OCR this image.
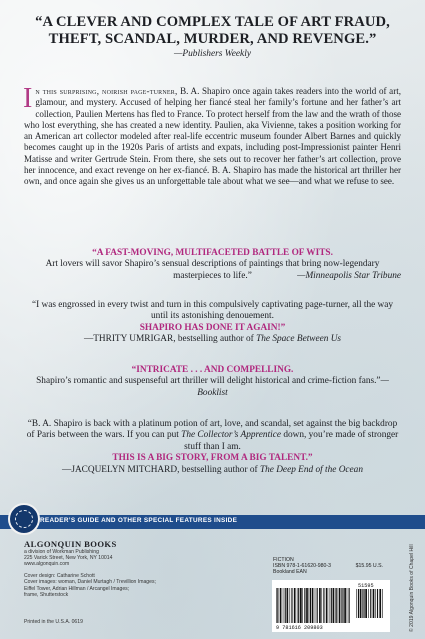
“A CLEVER AND COMPLEX TALE OF ART FRAUD, THEFT, SCANDAL, MURDER, AND REVENGE.”

—Publishers Weekly

In this surprising, noirish page-turner, B. A. Shapiro once again takes readers into the world of art, glamour, and mystery. Accused of helping her fiancé steal her family’s fortune and her father’s art collection, Paulien Mertens has fled to France. To protect herself from the law and the wrath of those who lost everything, she has created a new identity. Paulien, aka Vivienne, takes a position working for an American art collector modeled after real-life eccentric museum founder Albert Barnes and quickly becomes caught up in the 1920s Paris of artists and expats, including post-Impressionist painter Henri Matisse and writer Gertrude Stein. From there, she sets out to recover her father’s art collection, prove her innocence, and exact revenge on her ex-fiancé. B. A. Shapiro has made the historical art thriller her own, and once again she gives us an unforgettable tale about what we see—and what we refuse to see.

“A FAST-MOVING, MULTIFACETED BATTLE OF WITS.

Art lovers will savor Shapiro’s sensual descriptions of paintings that bring now-legendary masterpieces to life.”	—Minneapolis Star Tribune

“I was engrossed in every twist and turn in this compulsively captivating page-turner, all the way until its astonishing denouement.

SHAPIRO HAS DONE IT AGAIN!”

—THRITY UMRIGAR, bestselling author of The Space Between Us

“INTRICATE . . . AND COMPELLING.

Shapiro’s romantic and suspenseful art thriller will delight historical and crime-fiction fans.”—Booklist

“B. A. Shapiro is back with a platinum potion of art, love, and scandal, set against the big backdrop of Paris between the wars. If you can put The Collector’s Apprentice down, you’re made of stronger stuff than I am.

THIS IS A BIG STORY, FROM A BIG TALENT.”

—JACQUELYN MITCHARD, bestselling author of The Deep End of the Ocean

READER’S GUIDE AND OTHER SPECIAL FEATURES INSIDE
ALGONQUIN BOOKS
a division of Workman Publishing
225 Varick Street, New York, NY 10014
www.algonquin.com
Cover design: Catharine Schott
Cover images: woman, Daniel Murtagh / Trevillion Images;
Eiffel Tower, Adrian Hillman / Arcangel Images;
frame, Shutterstock
Printed in the U.S.A. 0619
FICTION
ISBN 978-1-61620-980-3	$15.95 U.S.
Bookland EAN
9 781616 209803
51595	© 2019 Algonquin Books of Chapel Hill
